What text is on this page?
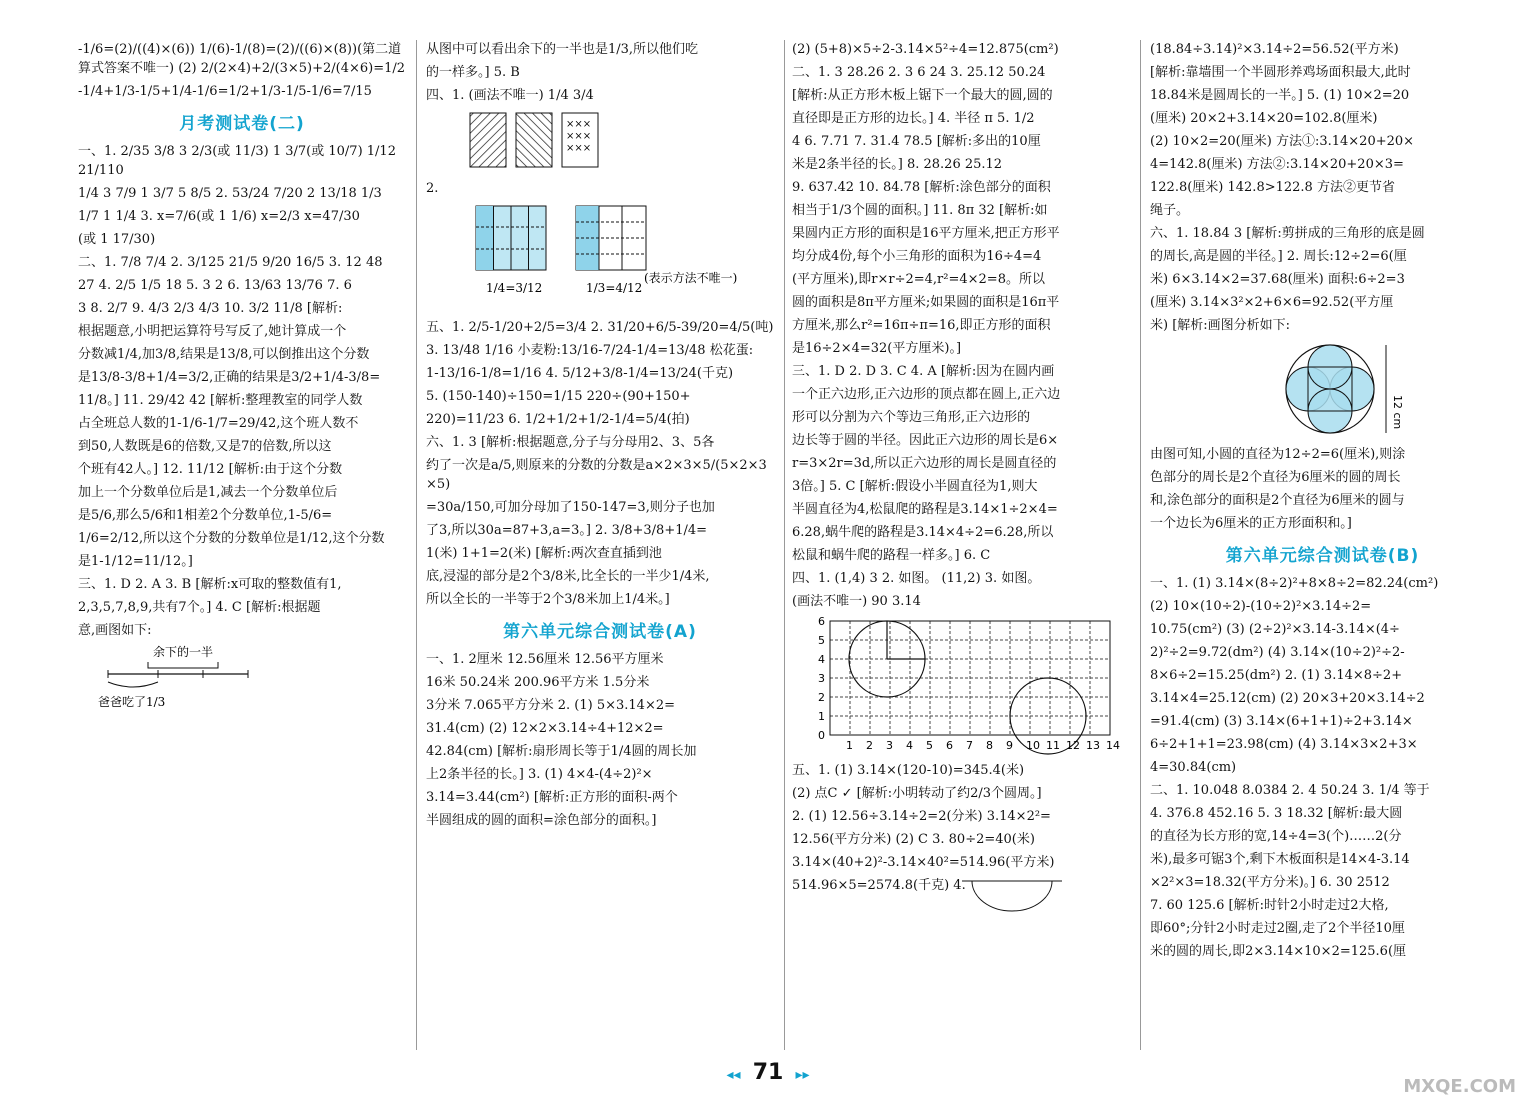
-1/6=(2)/((4)×(6)) 1/(6)-1/(8)=(2)/((6)×(8))(第二道算式答案不唯一) (2) 2/(2×4)+2/(3×5)+2/(4×6)=1/2

-1/4+1/3-1/5+1/4-1/6=1/2+1/3-1/5-1/6=7/15

月考测试卷(二)

一、1. 2/35 3/8 3 2/3(或 11/3) 1 3/7(或 10/7) 1/12 21/110

1/4 3 7/9 1 3/7 5 8/5 2. 53/24 7/20 2 13/18 1/3

1/7 1 1/4 3. x=7/6(或 1 1/6) x=2/3 x=47/30

(或 1 17/30)

二、1. 7/8 7/4 2. 3/125 21/5 9/20 16/5 3. 12 48

27 4. 2/5 1/5 18 5. 3 2 6. 13/63 13/76 7. 6

3 8. 2/7 9. 4/3 2/3 4/3 10. 3/2 11/8 [解析:

根据题意,小明把运算符号写反了,她计算成一个

分数减1/4,加3/8,结果是13/8,可以倒推出这个分数

是13/8-3/8+1/4=3/2,正确的结果是3/2+1/4-3/8=

11/8。] 11. 29/42 42 [解析:整理教室的同学人数

占全班总人数的1-1/6-1/7=29/42,这个班人数不

到50,人数既是6的倍数,又是7的倍数,所以这

个班有42人。] 12. 11/12 [解析:由于这个分数

加上一个分数单位后是1,减去一个分数单位后

是5/6,那么5/6和1相差2个分数单位,1-5/6=

1/6=2/12,所以这个分数的分数单位是1/12,这个分数

是1-1/12=11/12。]

三、1. D 2. A 3. B [解析:x可取的整数值有1,

2,3,5,7,8,9,共有7个。] 4. C [解析:根据题

意,画图如下:

余下的一半
爸爸吃了1/3

从图中可以看出余下的一半也是1/3,所以他们吃

的一样多。] 5. B

四、1. (画法不唯一) 1/4 3/4

×××
×××
×××

2.

1/4=3/12	1/3=4/12
(表示方法不唯一)

五、1. 2/5-1/20+2/5=3/4 2. 31/20+6/5-39/20=4/5(吨)

3. 13/48 1/16 小麦粉:13/16-7/24-1/4=13/48 松花蛋:

1-13/16-1/8=1/16 4. 5/12+3/8-1/4=13/24(千克)

5. (150-140)÷150=1/15 220÷(90+150+

220)=11/23 6. 1/2+1/2+1/2-1/4=5/4(拍)

六、1. 3 [解析:根据题意,分子与分母用2、3、5各

约了一次是a/5,则原来的分数的分数是a×2×3×5/(5×2×3×5)

=30a/150,可加分母加了150-147=3,则分子也加

了3,所以30a=87+3,a=3。] 2. 3/8+3/8+1/4=

1(米) 1+1=2(米) [解析:两次查直插到池

底,浸湿的部分是2个3/8米,比全长的一半少1/4米,

所以全长的一半等于2个3/8米加上1/4米。]

第六单元综合测试卷(A)

一、1. 2厘米 12.56厘米 12.56平方厘米

16米 50.24米 200.96平方米 1.5分米

3分米 7.065平方分米 2. (1) 5×3.14×2=

31.4(cm) (2) 12×2×3.14÷4+12×2=

42.84(cm) [解析:扇形周长等于1/4圆的周长加

上2条半径的长。] 3. (1) 4×4-(4÷2)²×

3.14=3.44(cm²) [解析:正方形的面积-两个

半圆组成的圆的面积=涂色部分的面积。]

(2) (5+8)×5÷2-3.14×5²÷4=12.875(cm²)

二、1. 3 28.26 2. 3 6 24 3. 25.12 50.24

[解析:从正方形木板上锯下一个最大的圆,圆的

直径即是正方形的边长。] 4. 半径 π 5. 1/2

4 6. 7.71 7. 31.4 78.5 [解析:多出的10厘

米是2条半径的长。] 8. 28.26 25.12

9. 637.42 10. 84.78 [解析:涂色部分的面积

相当于1/3个圆的面积。] 11. 8π 32 [解析:如

果圆内正方形的面积是16平方厘米,把正方形平

均分成4份,每个小三角形的面积为16÷4=4

(平方厘米),即r×r÷2=4,r²=4×2=8。所以

圆的面积是8π平方厘米;如果圆的面积是16π平

方厘米,那么r²=16π÷π=16,即正方形的面积

是16÷2×4=32(平方厘米)。]

三、1. D 2. D 3. C 4. A [解析:因为在圆内画

一个正六边形,正六边形的顶点都在圆上,正六边

形可以分割为六个等边三角形,正六边形的

边长等于圆的半径。因此正六边形的周长是6×

r=3×2r=3d,所以正六边形的周长是圆直径的

3倍。] 5. C [解析:假设小半圆直径为1,则大

半圆直径为4,松鼠爬的路程是3.14×1÷2×4=

6.28,蜗牛爬的路程是3.14×4÷2=6.28,所以

松鼠和蜗牛爬的路程一样多。] 6. C

四、1. (1,4) 3 2. 如图。 (11,2) 3. 如图。

(画法不唯一) 90 3.14

6
5
4
3
2
1
0
1 2 3 4 5 6 7 8 9 10 11 12 13 14

五、1. (1) 3.14×(120-10)=345.4(米)

(2) 点C ✓ [解析:小明转动了约2/3个圆周。]

2. (1) 12.56÷3.14÷2=2(分米) 3.14×2²=

12.56(平方分米) (2) C 3. 80÷2=40(米)

3.14×(40+2)²-3.14×40²=514.96(平方米)

514.96×5=2574.8(千克) 4.

(18.84÷3.14)²×3.14÷2=56.52(平方米)

[解析:靠墙围一个半圆形养鸡场面积最大,此时

18.84米是圆周长的一半。] 5. (1) 10×2=20

(厘米) 20×2+3.14×20=102.8(厘米)

(2) 10×2=20(厘米) 方法①:3.14×20+20×

4=142.8(厘米) 方法②:3.14×20+20×3=

122.8(厘米) 142.8>122.8 方法②更节省

绳子。

六、1. 18.84 3 [解析:剪拼成的三角形的底是圆

的周长,高是圆的半径。] 2. 周长:12÷2=6(厘

米) 6×3.14×2=37.68(厘米) 面积:6÷2=3

(厘米) 3.14×3²×2+6×6=92.52(平方厘

米) [解析:画图分析如下:

12 cm

由图可知,小圆的直径为12÷2=6(厘米),则涂

色部分的周长是2个直径为6厘米的圆的周长

和,涂色部分的面积是2个直径为6厘米的圆与

一个边长为6厘米的正方形面积和。]

第六单元综合测试卷(B)

一、1. (1) 3.14×(8÷2)²+8×8÷2=82.24(cm²)

(2) 10×(10÷2)-(10÷2)²×3.14÷2=

10.75(cm²) (3) (2÷2)²×3.14-3.14×(4÷

2)²÷2=9.72(dm²) (4) 3.14×(10÷2)²÷2-

8×6÷2=15.25(dm²) 2. (1) 3.14×8÷2+

3.14×4=25.12(cm) (2) 20×3+20×3.14÷2

=91.4(cm) (3) 3.14×(6+1+1)÷2+3.14×

6÷2+1+1=23.98(cm) (4) 3.14×3×2+3×

4=30.84(cm)

二、1. 10.048 8.0384 2. 4 50.24 3. 1/4 等于

4. 376.8 452.16 5. 3 18.32 [解析:最大圆

的直径为长方形的宽,14÷4=3(个)……2(分

米),最多可锯3个,剩下木板面积是14×4-3.14

×2²×3=18.32(平方分米)。] 6. 30 2512

7. 60 125.6 [解析:时针2小时走过2大格,

即60°;分针2小时走过2圈,走了2个半径10厘

米的圆的周长,即2×3.14×10×2=125.6(厘

◂◂ 71 ▸▸
MXQE.COM
